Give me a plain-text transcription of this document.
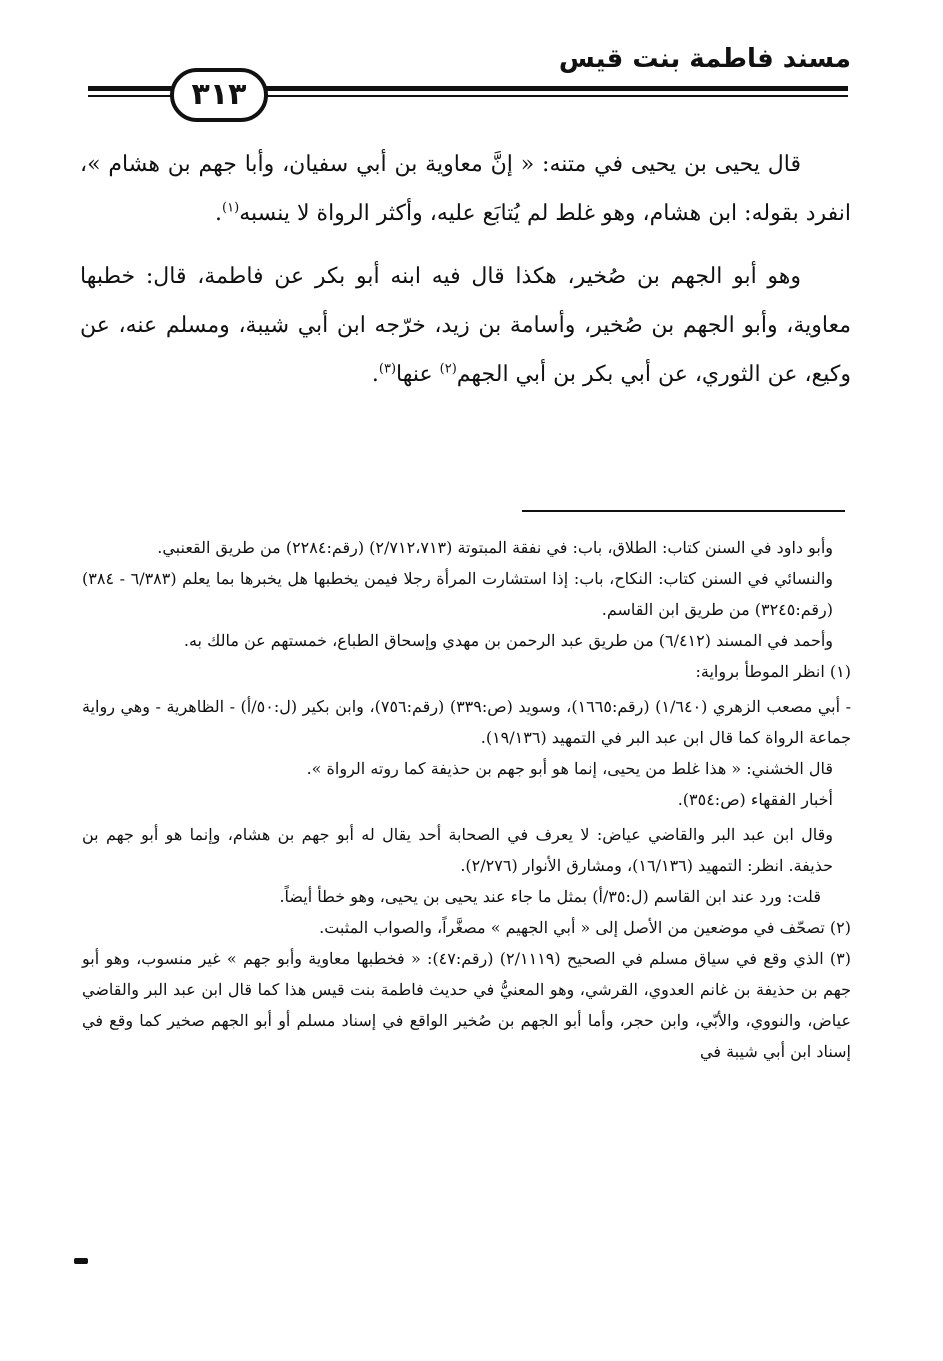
مسند فاطمة بنت قيس
٣١٣

قال يحيى بن يحيى في متنه: « إنَّ معاوية بن أبي سفيان، وأبا جهم بن هشام »، انفرد بقوله: ابن هشام، وهو غلط لم يُتابَع عليه، وأكثر الرواة لا ينسبه$^{(١)}$.

وهو أبو الجهم بن صُخير، هكذا قال فيه ابنه أبو بكر عن فاطمة، قال: خطبها معاوية، وأبو الجهم بن صُخير، وأسامة بن زيد، خرّجه ابن أبي شيبة، ومسلم عنه، عن وكيع، عن الثوري، عن أبي بكر بن أبي الجهم$^{(٢)}$ عنها$^{(٣)}$.

وأبو داود في السنن كتاب: الطلاق، باب: في نفقة المبتوتة (٢/٧١٢،٧١٣) (رقم:٢٢٨٤) من طريق القعنبي.

والنسائي في السنن كتاب: النكاح، باب: إذا استشارت المرأة رجلا فيمن يخطبها هل يخبرها بما يعلم (٦/٣٨٣ - ٣٨٤) (رقم:٣٢٤٥) من طريق ابن القاسم.

وأحمد في المسند (٦/٤١٢) من طريق عبد الرحمن بن مهدي وإسحاق الطباع، خمستهم عن مالك به.

(١) انظر الموطأ برواية:

- أبي مصعب الزهري (١/٦٤٠) (رقم:١٦٦٥)، وسويد (ص:٣٣٩) (رقم:٧٥٦)، وابن بكير (ل:٥٠/أ) - الظاهرية - وهي رواية جماعة الرواة كما قال ابن عبد البر في التمهيد (١٩/١٣٦).

قال الخشني: « هذا غلط من يحيى، إنما هو أبو جهم بن حذيفة كما روته الرواة ».

أخبار الفقهاء (ص:٣٥٤).

وقال ابن عبد البر والقاضي عياض: لا يعرف في الصحابة أحد يقال له أبو جهم بن هشام، وإنما هو أبو جهم بن حذيفة. انظر: التمهيد (١٦/١٣٦)، ومشارق الأنوار (٢/٢٧٦).

قلت: ورد عند ابن القاسم (ل:٣٥/أ) بمثل ما جاء عند يحيى بن يحيى، وهو خطأ أيضاً.

(٢) تصحّف في موضعين من الأصل إلى « أبي الجهيم » مصغَّراً، والصواب المثبت.

(٣) الذي وقع في سياق مسلم في الصحيح (٢/١١١٩) (رقم:٤٧): « فخطبها معاوية وأبو جهم » غير منسوب، وهو أبو جهم بن حذيفة بن غانم العدوي، القرشي، وهو المعنيُّ في حديث فاطمة بنت قيس هذا كما قال ابن عبد البر والقاضي عياض، والنووي، والأبّي، وابن حجر، وأما أبو الجهم بن صُخير الواقع في إسناد مسلم أو أبو الجهم صخير كما وقع في إسناد ابن أبي شيبة في
